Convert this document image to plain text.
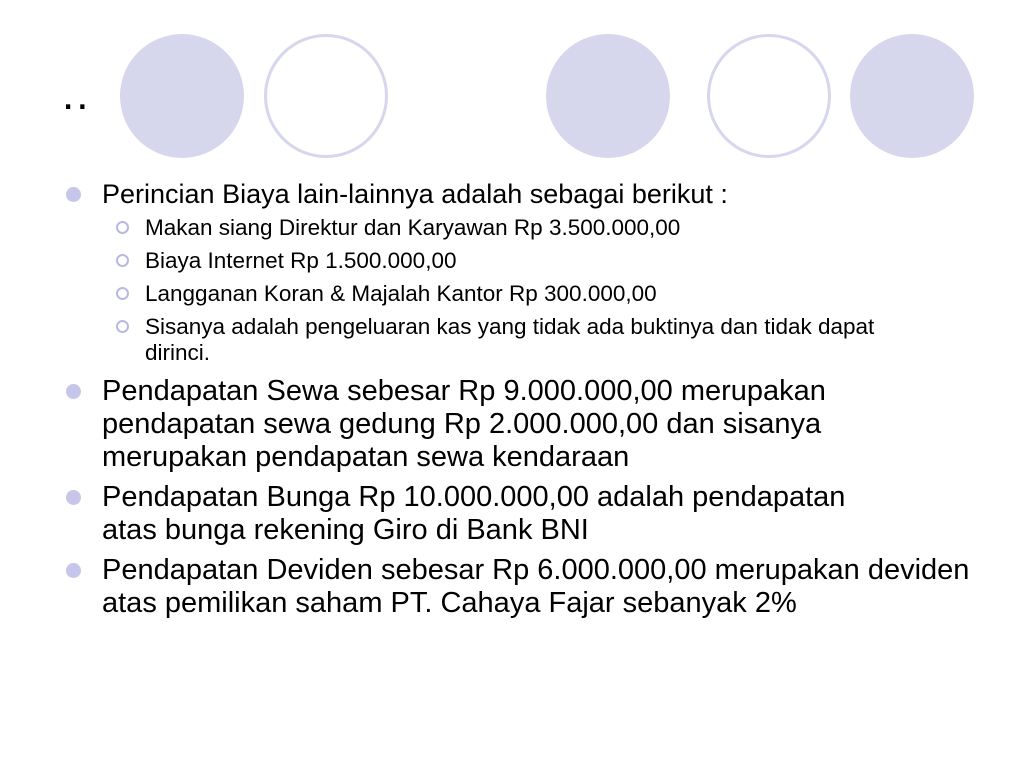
..
Perincian Biaya lain-lainnya adalah sebagai berikut :
Makan siang Direktur dan Karyawan Rp 3.500.000,00
Biaya Internet Rp 1.500.000,00
Langganan Koran & Majalah Kantor Rp 300.000,00
Sisanya adalah pengeluaran kas yang tidak ada buktinya dan tidak dapat dirinci.
Pendapatan Sewa sebesar Rp 9.000.000,00 merupakan pendapatan sewa gedung Rp 2.000.000,00 dan sisanya merupakan pendapatan sewa kendaraan
Pendapatan Bunga Rp 10.000.000,00 adalah pendapatan atas bunga rekening Giro di Bank BNI
Pendapatan Deviden sebesar Rp 6.000.000,00 merupakan deviden atas pemilikan saham PT. Cahaya Fajar sebanyak 2%
